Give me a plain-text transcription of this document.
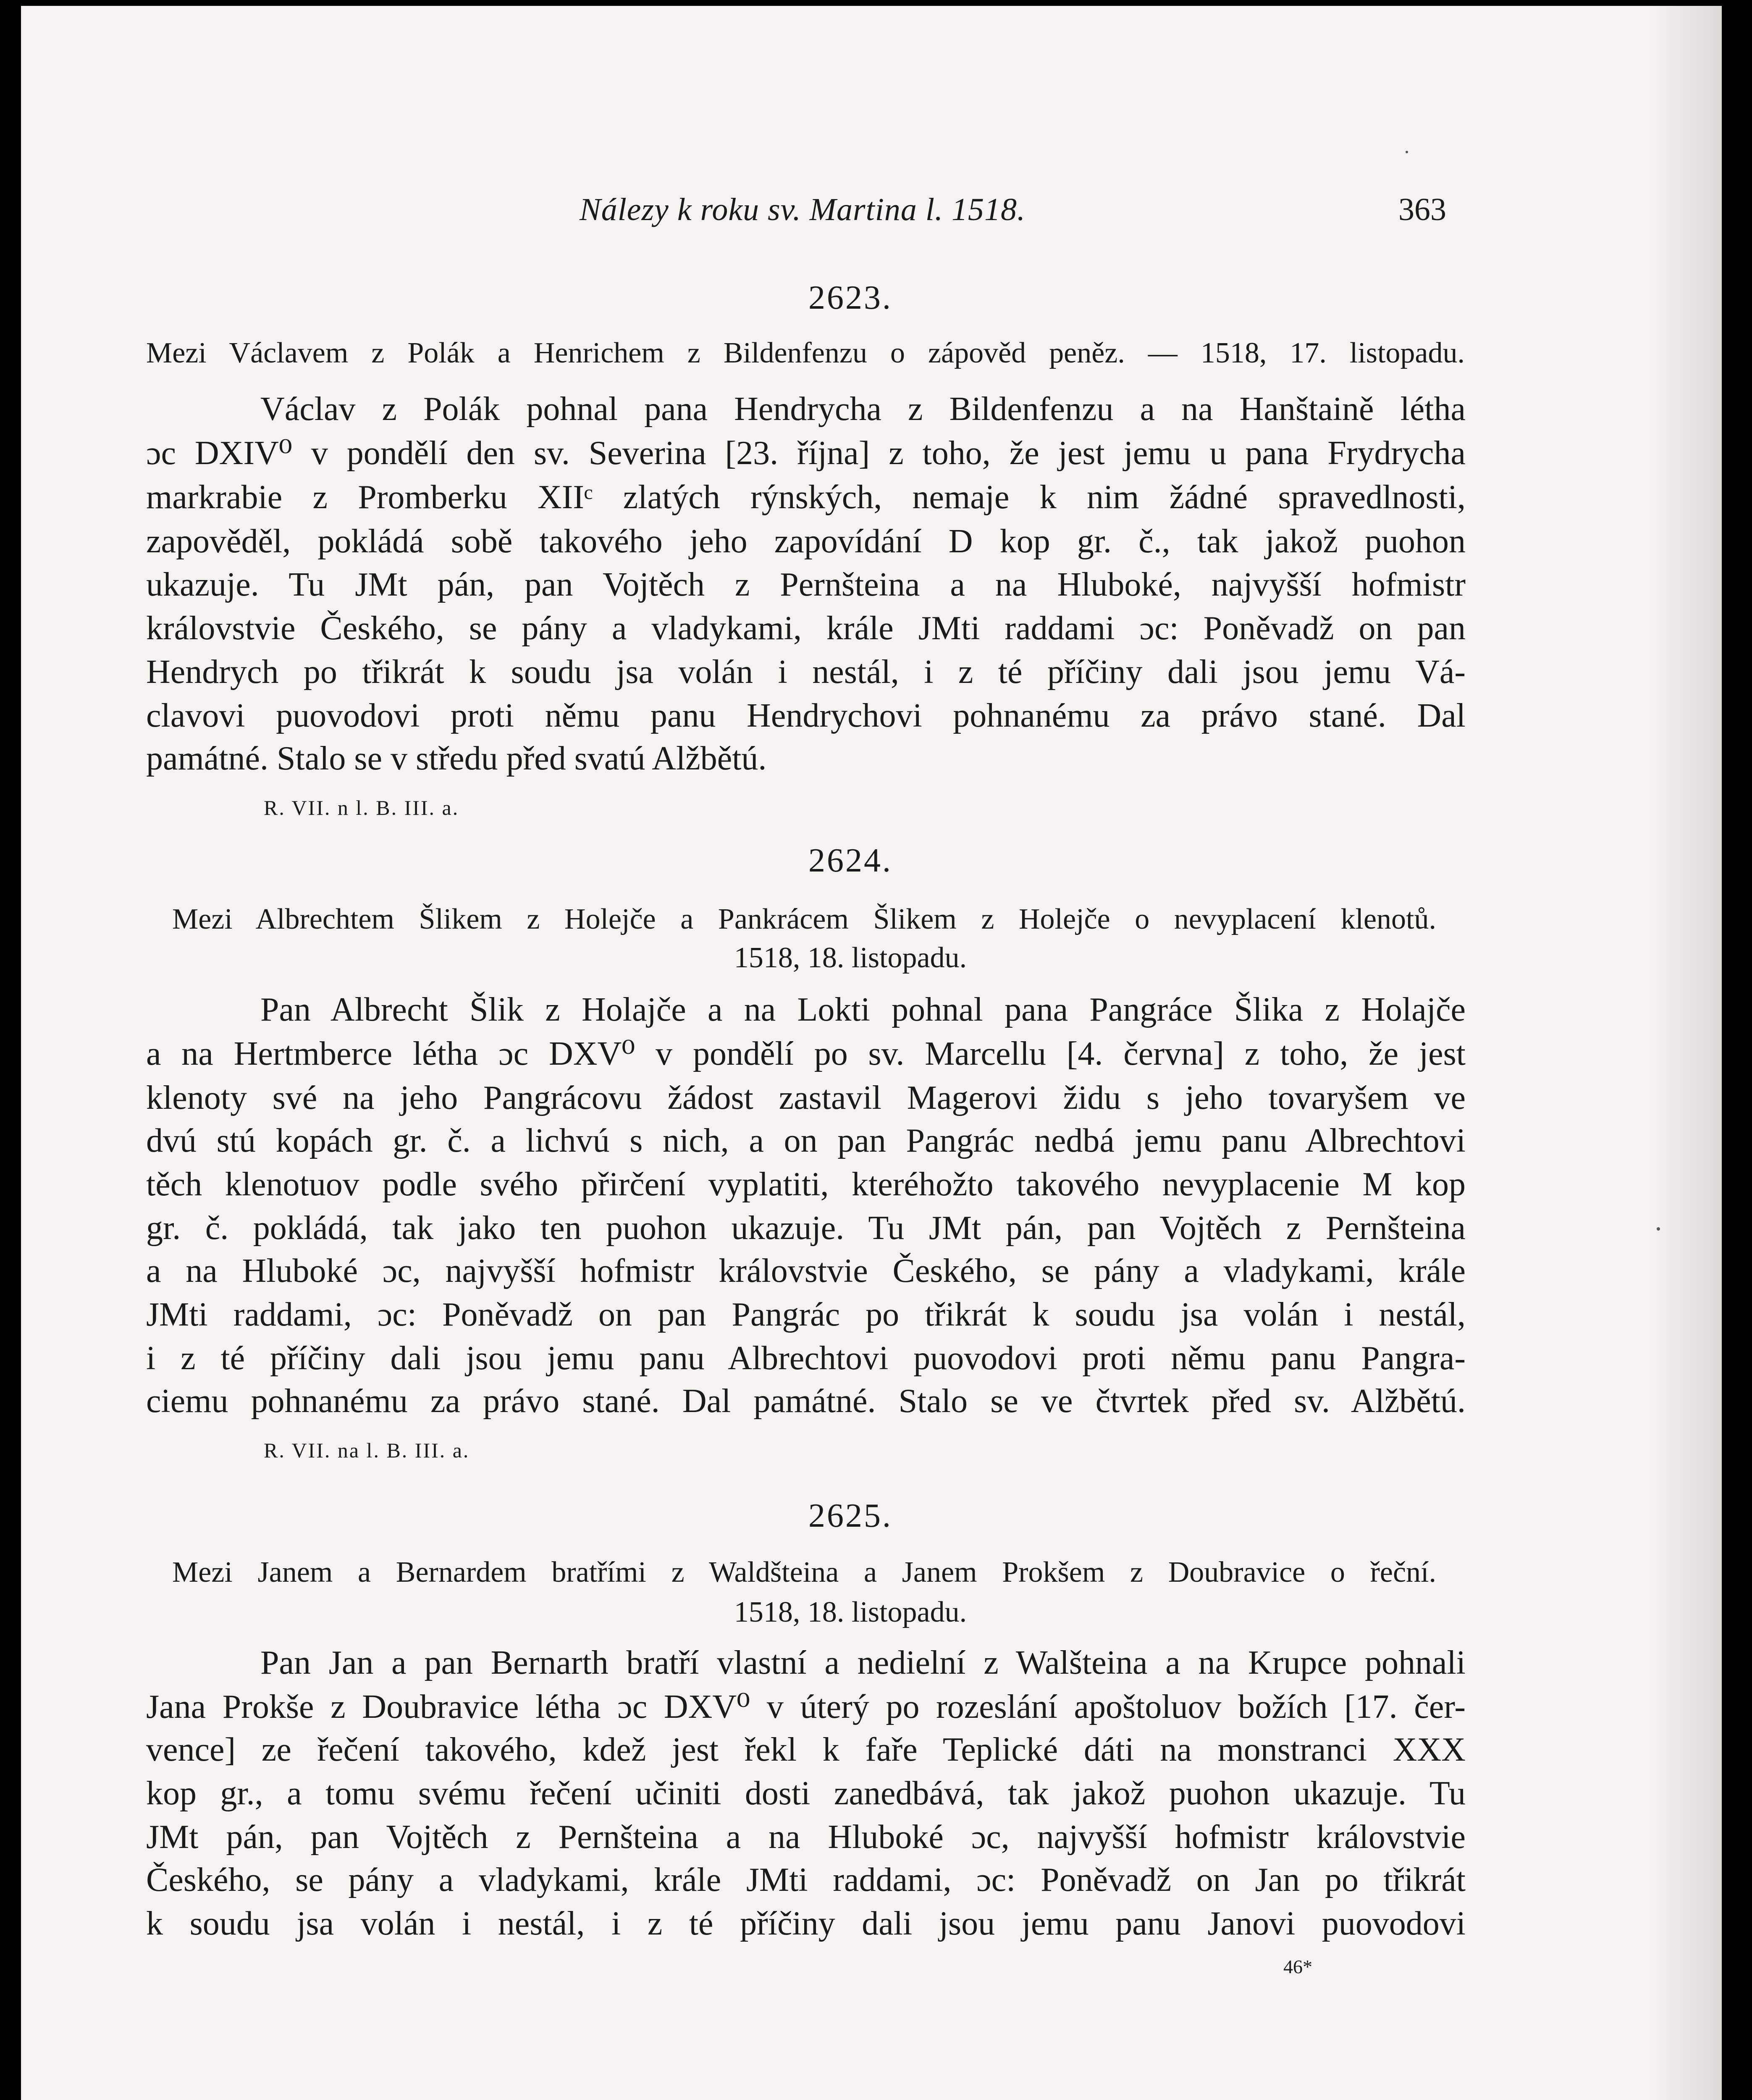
Nálezy k roku sv. Martina l. 1518.	363
2623.
Mezi Václavem z Polák a Henrichem z Bildenfenzu o zápověd peněz. — 1518, 17. listopadu.
Václav z Polák pohnal pana Hendrycha z Bildenfenzu a na Hanštaině létha
ɔc DXIV⁰ v pondělí den sv. Severina [23. října] z toho, že jest jemu u pana Frydrycha
markrabie z Promberku XIIᶜ zlatých rýnských, nemaje k nim žádné spravedlnosti,
zapověděl, pokládá sobě takového jeho zapovídání D kop gr. č., tak jakož puohon
ukazuje. Tu JMt pán, pan Vojtěch z Pernšteina a na Hluboké, najvyšší hofmistr
královstvie Českého, se pány a vladykami, krále JMti raddami ɔc: Poněvadž on pan
Hendrych po třikrát k soudu jsa volán i nestál, i z té příčiny dali jsou jemu Vá-
clavovi puovodovi proti němu panu Hendrychovi pohnanému za právo stané. Dal
památné. Stalo se v středu před svatú Alžbětú.
R. VII. n l. B. III. a.
2624.
Mezi Albrechtem Šlikem z Holejče a Pankrácem Šlikem z Holejče o nevyplacení klenotů.
1518, 18. listopadu.
Pan Albrecht Šlik z Holajče a na Lokti pohnal pana Pangráce Šlika z Holajče
a na Hertmberce létha ɔc DXV⁰ v pondělí po sv. Marcellu [4. června] z toho, že jest
klenoty své na jeho Pangrácovu žádost zastavil Magerovi židu s jeho tovaryšem ve
dvú stú kopách gr. č. a lichvú s nich, a on pan Pangrác nedbá jemu panu Albrechtovi
těch klenotuov podle svého přirčení vyplatiti, kteréhožto takového nevyplacenie M kop
gr. č. pokládá, tak jako ten puohon ukazuje. Tu JMt pán, pan Vojtěch z Pernšteina
a na Hluboké ɔc, najvyšší hofmistr královstvie Českého, se pány a vladykami, krále
JMti raddami, ɔc: Poněvadž on pan Pangrác po třikrát k soudu jsa volán i nestál,
i z té příčiny dali jsou jemu panu Albrechtovi puovodovi proti němu panu Pangra-
ciemu pohnanému za právo stané. Dal památné. Stalo se ve čtvrtek před sv. Alžbětú.
R. VII. na l. B. III. a.
2625.
Mezi Janem a Bernardem bratřími z Waldšteina a Janem Prokšem z Doubravice o řeční.
1518, 18. listopadu.
Pan Jan a pan Bernarth bratří vlastní a nedielní z Walšteina a na Krupce pohnali
Jana Prokše z Doubravice létha ɔc DXV⁰ v úterý po rozeslání apoštoluov božích [17. čer-
vence] ze řečení takového, kdež jest řekl k faře Teplické dáti na monstranci XXX
kop gr., a tomu svému řečení učiniti dosti zanedbává, tak jakož puohon ukazuje. Tu
JMt pán, pan Vojtěch z Pernšteina a na Hluboké ɔc, najvyšší hofmistr královstvie
Českého, se pány a vladykami, krále JMti raddami, ɔc: Poněvadž on Jan po třikrát
k soudu jsa volán i nestál, i z té příčiny dali jsou jemu panu Janovi puovodovi
46*
